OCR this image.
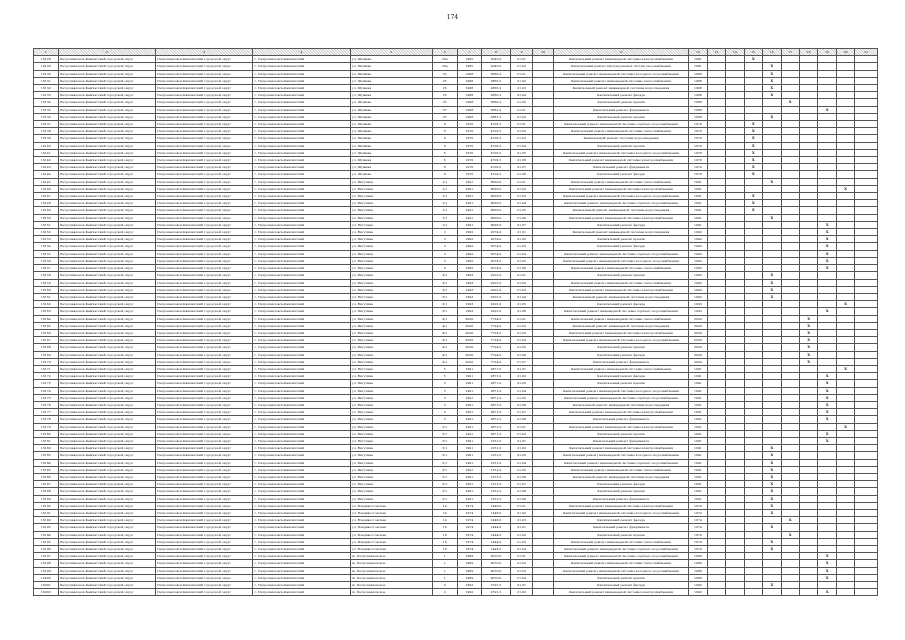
174
1	2	3	4	5	6	7	8	9	10	11	12	13	14	15	16	17	18	19	20	21
16128	Петропавловск-Камчатский городской округ	Петропавловск-Камчатский городской округ	г. Петропавловск-Камчатский	ул. Шумная	23а	1985	2045.0	21.01		Капитальный ремонт инженерной системы электроснабжения	1981			X						
16129	Петропавловск-Камчатский городской округ	Петропавловск-Камчатский городской округ	г. Петропавловск-Камчатский	ул. Шумная	23а	1985	2045.0	21.02		Капитальный ремонт внутридомовых систем газоснабжения	1981				X					
16130	Петропавловск-Камчатский городской округ	Петропавловск-Камчатский городской округ	г. Петропавловск-Камчатский	ул. Шумная	25	1968	2865.2	21.01		Капитальный ремонт инженерной системы холодного водоснабжения	1968				X					
16131	Петропавловск-Камчатский городской округ	Петропавловск-Камчатский городской округ	г. Петропавловск-Камчатский	ул. Шумная	25	1968	2865.2	21.02		Капитальный ремонт инженерной системы теплоснабжения	1968				X					
16132	Петропавловск-Камчатский городской округ	Петропавловск-Камчатский городской округ	г. Петропавловск-Камчатский	ул. Шумная	25	1968	2865.2	21.03		Капитальный ремонт инженерной системы водоотведения	1968				X					
16133	Петропавловск-Камчатский городской округ	Петропавловск-Камчатский городской округ	г. Петропавловск-Камчатский	ул. Шумная	25	1968	2865.2	21.04		Капитальный ремонт фасада	1968				X					
16134	Петропавловск-Камчатский городской округ	Петропавловск-Камчатский городской округ	г. Петропавловск-Камчатский	ул. Шумная	25	1968	2865.2	21.05		Капитальный ремонт крыши	1968					X				
16135	Петропавловск-Камчатский городской округ	Петропавловск-Камчатский городской округ	г. Петропавловск-Камчатский	ул. Шумная	27	1968	2881.2	21.01		Капитальный ремонт фундамента	1968							X		
16136	Петропавловск-Камчатский городской округ	Петропавловск-Камчатский городской округ	г. Петропавловск-Камчатский	ул. Шумная	27	1968	2881.2	21.02		Капитальный ремонт крыши	1968				X					
16137	Петропавловск-Камчатский городской округ	Петропавловск-Камчатский городской округ	г. Петропавловск-Камчатский	ул. Шумная	6	1970	4702.5	21.01		Капитальный ремонт инженерной системы горячего водоснабжения	1970			X						
16138	Петропавловск-Камчатский городской округ	Петропавловск-Камчатский городской округ	г. Петропавловск-Камчатский	ул. Шумная	6	1970	4702.5	21.02		Капитальный ремонт инженерной системы теплоснабжения	1970			X						
16139	Петропавловск-Камчатский городской округ	Петропавловск-Камчатский городской округ	г. Петропавловск-Камчатский	ул. Шумная	6	1970	4702.5	21.03		Капитальный ремонт системы водоотведения	1970			X						
16140	Петропавловск-Камчатский городской округ	Петропавловск-Камчатский городской округ	г. Петропавловск-Камчатский	ул. Шумная	6	1970	4702.5	21.04		Капитальный ремонт крыши	1970			X						
16141	Петропавловск-Камчатский городской округ	Петропавловск-Камчатский городской округ	г. Петропавловск-Камчатский	ул. Шумная	6	1970	4702.5	21.05		Капитальный ремонт инженерной системы холодного водоснабжения	1970			X						
16142	Петропавловск-Камчатский городской округ	Петропавловск-Камчатский городской округ	г. Петропавловск-Камчатский	ул. Шумная	6	1970	4702.5	21.06		Капитальный ремонт инженерной системы электроснабжения	1970			X						
16143	Петропавловск-Камчатский городской округ	Петропавловск-Камчатский городской округ	г. Петропавловск-Камчатский	ул. Шумная	6	1970	4702.5	21.07		Капитальный ремонт фундамента	1970			X						
16144	Петропавловск-Камчатский городской округ	Петропавловск-Камчатский городской округ	г. Петропавловск-Камчатский	ул. Шумная	6	1970	4702.5	21.08		Капитальный ремонт фасада	1970			X						
16145	Петропавловск-Камчатский городской округ	Петропавловск-Камчатский городской округ	г. Петропавловск-Камчатский	ул. Ватутина	1/1	1991	8026.0	21.01		Капитальный ремонт инженерной системы теплоснабжения	1991				X					
16146	Петропавловск-Камчатский городской округ	Петропавловск-Камчатский городской округ	г. Петропавловск-Камчатский	ул. Ватутина	1/1	1991	8026.0	21.02		Капитальный ремонт инженерной системы электроснабжения	1991								X	
16147	Петропавловск-Камчатский городской округ	Петропавловск-Камчатский городской округ	г. Петропавловск-Камчатский	ул. Ватутина	1/1	1991	8026.0	21.03		Капитальный ремонт инженерной системы холодного водоснабжения	1991			X						
16148	Петропавловск-Камчатский городской округ	Петропавловск-Камчатский городской округ	г. Петропавловск-Камчатский	ул. Ватутина	1/1	1991	8026.0	21.04		Капитальный ремонт инженерной системы горячего водоснабжения	1991			X						
16149	Петропавловск-Камчатский городской округ	Петропавловск-Камчатский городской округ	г. Петропавловск-Камчатский	ул. Ватутина	1/1	1991	8026.0	21.05		Капитальный ремонт инженерной системы водоотведения	1991			X						
16150	Петропавловск-Камчатский городской округ	Петропавловск-Камчатский городской округ	г. Петропавловск-Камчатский	ул. Ватутина	1/1	1991	8026.0	21.06		Капитальный ремонт инженерной системы электроснабжения	1991				X					
16151	Петропавловск-Камчатский городской округ	Петропавловск-Камчатский городской округ	г. Петропавловск-Камчатский	ул. Ватутина	1/1	1991	8026.0	21.07		Капитальный ремонт фасада	1991							X		
16152	Петропавловск-Камчатский городской округ	Петропавловск-Камчатский городской округ	г. Петропавловск-Камчатский	ул. Ватутина	3	1992	2074.0	21.01		Капитальный ремонт инженерной системы водоотведения	1992							X		
16153	Петропавловск-Камчатский городской округ	Петропавловск-Камчатский городской округ	г. Петропавловск-Камчатский	ул. Ватутина	3	1992	2074.0	21.02		Капитальный ремонт крыши	1992							X		
16154	Петропавловск-Камчатский городской округ	Петропавловск-Камчатский городской округ	г. Петропавловск-Камчатский	ул. Ватутина	3	1992	2074.0	21.03		Капитальный ремонт фасада	1992							X		
16155	Петропавловск-Камчатский городской округ	Петропавловск-Камчатский городской округ	г. Петропавловск-Камчатский	ул. Ватутина	3	1992	2074.0	21.04		Капитальный ремонт инженерной системы горячего водоснабжения	1992							X		
16156	Петропавловск-Камчатский городской округ	Петропавловск-Камчатский городской округ	г. Петропавловск-Камчатский	ул. Ватутина	3	1992	2074.0	21.05		Капитальный ремонт инженерной системы холодного водоснабжения	1992							X		
16157	Петропавловск-Камчатский городской округ	Петропавловск-Камчатский городской округ	г. Петропавловск-Камчатский	ул. Ватутина	3	1992	2074.0	21.06		Капитальный ремонт инженерной системы теплоснабжения	1992							X		
16158	Петропавловск-Камчатский городской округ	Петропавловск-Камчатский городской округ	г. Петропавловск-Камчатский	ул. Ватутина	3/1	1993	2201.0	21.01		Капитальный ремонт крыши	1993				X					
16159	Петропавловск-Камчатский городской округ	Петропавловск-Камчатский городской округ	г. Петропавловск-Камчатский	ул. Ватутина	3/1	1993	2201.0	21.02		Капитальный ремонт инженерной системы теплоснабжения	1993				X					
16160	Петропавловск-Камчатский городской округ	Петропавловск-Камчатский городской округ	г. Петропавловск-Камчатский	ул. Ватутина	3/1	1993	2201.0	21.03		Капитальный ремонт инженерной системы электроснабжения	1993				X					
16161	Петропавловск-Камчатский городской округ	Петропавловск-Камчатский городской округ	г. Петропавловск-Камчатский	ул. Ватутина	3/1	1993	2201.0	21.04		Капитальный ремонт инженерной системы водоотведения	1993				X					
16162	Петропавловск-Камчатский городской округ	Петропавловск-Камчатский городской округ	г. Петропавловск-Камчатский	ул. Ватутина	3/1	1993	2201.0	21.05		Капитальный ремонт фасада	1993								X	
16163	Петропавловск-Камчатский городской округ	Петропавловск-Камчатский городской округ	г. Петропавловск-Камчатский	ул. Ватутина	3/1	1993	2201.0	21.06		Капитальный ремонт инженерной системы горячего водоснабжения	1993							X		
16164	Петропавловск-Камчатский городской округ	Петропавловск-Камчатский городской округ	г. Петропавловск-Камчатский	ул. Ватутина	4/1	2020	7724.0	21.01		Капитальный ремонт инженерной системы теплоснабжения	2020						X			
16165	Петропавловск-Камчатский городской округ	Петропавловск-Камчатский городской округ	г. Петропавловск-Камчатский	ул. Ватутина	4/1	2020	7724.0	21.02		Капитальный ремонт инженерной системы водоотведения	2020						X			
16166	Петропавловск-Камчатский городской округ	Петропавловск-Камчатский городской округ	г. Петропавловск-Камчатский	ул. Ватутина	4/1	2020	7724.0	21.03		Капитальный ремонт инженерной системы электроснабжения	2020						X			
16167	Петропавловск-Камчатский городской округ	Петропавловск-Камчатский городской округ	г. Петропавловск-Камчатский	ул. Ватутина	4/1	2020	7724.0	21.04		Капитальный ремонт инженерной системы холодного водоснабжения	2020						X			
16168	Петропавловск-Камчатский городской округ	Петропавловск-Камчатский городской округ	г. Петропавловск-Камчатский	ул. Ватутина	4/1	2020	7724.0	21.05		Капитальный ремонт крыши	2020						X			
16169	Петропавловск-Камчатский городской округ	Петропавловск-Камчатский городской округ	г. Петропавловск-Камчатский	ул. Ватутина	4/1	2020	7724.0	21.06		Капитальный ремонт фасада	2020						X			
16170	Петропавловск-Камчатский городской округ	Петропавловск-Камчатский городской округ	г. Петропавловск-Камчатский	ул. Ватутина	4/1	2020	7724.0	21.07		Капитальный ремонт фундамента	2020						X			
16171	Петропавловск-Камчатский городской округ	Петропавловск-Камчатский городской округ	г. Петропавловск-Камчатский	ул. Ватутина	5	1991	2871.0	21.01		Капитальный ремонт инженерной системы теплоснабжения	1991								X	
16172	Петропавловск-Камчатский городской округ	Петропавловск-Камчатский городской округ	г. Петропавловск-Камчатский	ул. Ватутина	5	1991	2871.0	21.02		Капитальный ремонт фасада	1991							X		
16173	Петропавловск-Камчатский городской округ	Петропавловск-Камчатский городской округ	г. Петропавловск-Камчатский	ул. Ватутина	5	1991	2871.0	21.03		Капитальный ремонт крыши	1991							X		
16174	Петропавловск-Камчатский городской округ	Петропавловск-Камчатский городской округ	г. Петропавловск-Камчатский	ул. Ватутина	5	1991	2871.0	21.04		Капитальный ремонт инженерной системы холодного водоснабжения	1991							X		
16175	Петропавловск-Камчатский городской округ	Петропавловск-Камчатский городской округ	г. Петропавловск-Камчатский	ул. Ватутина	5	1991	2871.0	21.05		Капитальный ремонт инженерной системы горячего водоснабжения	1991							X		
16176	Петропавловск-Камчатский городской округ	Петропавловск-Камчатский городской округ	г. Петропавловск-Камчатский	ул. Ватутина	5	1991	2871.0	21.06		Капитальный ремонт инженерной системы водоотведения	1991							X		
16177	Петропавловск-Камчатский городской округ	Петропавловск-Камчатский городской округ	г. Петропавловск-Камчатский	ул. Ватутина	5	1991	2871.0	21.07		Капитальный ремонт инженерной системы электроснабжения	1991							X		
16178	Петропавловск-Камчатский городской округ	Петропавловск-Камчатский городской округ	г. Петропавловск-Камчатский	ул. Ватутина	5	1991	2871.0	21.08		Капитальный ремонт фундамента	1991							X		
16179	Петропавловск-Камчатский городской округ	Петропавловск-Камчатский городской округ	г. Петропавловск-Камчатский	ул. Ватутина	5/1	1991	2871.0	21.01		Капитальный ремонт инженерной системы электроснабжения	1991								X	
16180	Петропавловск-Камчатский городской округ	Петропавловск-Камчатский городской округ	г. Петропавловск-Камчатский	ул. Ватутина	5/1	1991	2871.0	21.02		Капитальный ремонт крыши	1991							X		
16181	Петропавловск-Камчатский городской округ	Петропавловск-Камчатский городской округ	г. Петропавловск-Камчатский	ул. Ватутина	5/1	1991	1251.0	21.01		Капитальный ремонт фундамента	1991							X		
16182	Петропавловск-Камчатский городской округ	Петропавловск-Камчатский городской округ	г. Петропавловск-Камчатский	ул. Ватутина	5/1	1991	1251.0	21.02		Капитальный ремонт инженерной системы электроснабжения	1991				X					
16183	Петропавловск-Камчатский городской округ	Петропавловск-Камчатский городской округ	г. Петропавловск-Камчатский	ул. Ватутина	5/1	1991	1251.0	21.03		Капитальный ремонт инженерной системы холодного водоснабжения	1991				X					
16184	Петропавловск-Камчатский городской округ	Петропавловск-Камчатский городской округ	г. Петропавловск-Камчатский	ул. Ватутина	5/1	1991	1251.0	21.04		Капитальный ремонт инженерной системы горячего водоснабжения	1991				X					
16185	Петропавловск-Камчатский городской округ	Петропавловск-Камчатский городской округ	г. Петропавловск-Камчатский	ул. Ватутина	5/1	1991	1251.0	21.05		Капитальный ремонт инженерной системы теплоснабжения	1991				X					
16186	Петропавловск-Камчатский городской округ	Петропавловск-Камчатский городской округ	г. Петропавловск-Камчатский	ул. Ватутина	5/1	1991	1251.0	21.06		Капитальный ремонт инженерной системы водоотведения	1991				X					
16187	Петропавловск-Камчатский городской округ	Петропавловск-Камчатский городской округ	г. Петропавловск-Камчатский	ул. Ватутина	5/1	1991	1251.0	21.07		Капитальный ремонт фасада	1991				X					
16188	Петропавловск-Камчатский городской округ	Петропавловск-Камчатский городской округ	г. Петропавловск-Камчатский	ул. Ватутина	5/1	1991	1251.0	21.08		Капитальный ремонт крыши	1991				X					
16189	Петропавловск-Камчатский городской округ	Петропавловск-Камчатский городской округ	г. Петропавловск-Камчатский	ул. Ватутина	5/1	1991	1251.0	21.09		Капитальный ремонт фундамента	1991				X					
16190	Петропавловск-Камчатский городской округ	Петропавловск-Камчатский городской округ	г. Петропавловск-Камчатский	ул. Владивостокская	14	1974	1446.0	21.01		Капитальный ремонт инженерной системы электроснабжения	1974				X					
16191	Петропавловск-Камчатский городской округ	Петропавловск-Камчатский городской округ	г. Петропавловск-Камчатский	ул. Владивостокская	14	1974	1446.0	21.02		Капитальный ремонт инженерной системы холодного водоснабжения	1974				X					
16192	Петропавловск-Камчатский городской округ	Петропавловск-Камчатский городской округ	г. Петропавловск-Камчатский	ул. Владивостокская	14	1974	1446.0	21.03		Капитальный ремонт фасада	1974					X				
16193	Петропавловск-Камчатский городской округ	Петропавловск-Камчатский городской округ	г. Петропавловск-Камчатский	ул. Владивостокская	16	1974	1444.0	21.01		Капитальный ремонт фундамента	1974				X					
16194	Петропавловск-Камчатский городской округ	Петропавловск-Камчатский городской округ	г. Петропавловск-Камчатский	ул. Владивостокская	16	1974	1444.0	21.02		Капитальный ремонт крыши	1974					X				
16195	Петропавловск-Камчатский городской округ	Петропавловск-Камчатский городской округ	г. Петропавловск-Камчатский	ул. Владивостокская	16	1974	1444.0	21.03		Капитальный ремонт инженерной системы теплоснабжения	1974				X					
16196	Петропавловск-Камчатский городской округ	Петропавловск-Камчатский городской округ	г. Петропавловск-Камчатский	ул. Владивостокская	16	1974	1444.0	21.04		Капитальный ремонт инженерной системы горячего водоснабжения	1974				X					
16197	Петропавловск-Камчатский городской округ	Петропавловск-Камчатский городской округ	г. Петропавловск-Камчатский	ш. Петропавловское	1	1989	9070.0	21.01		Капитальный ремонт инженерной системы горячего водоснабжения	1989							X		
16198	Петропавловск-Камчатский городской округ	Петропавловск-Камчатский городской округ	г. Петропавловск-Камчатский	ш. Петропавловское	1	1989	9070.0	21.02		Капитальный ремонт инженерной системы теплоснабжения	1989							X		
16199	Петропавловск-Камчатский городской округ	Петропавловск-Камчатский городской округ	г. Петропавловск-Камчатский	ш. Петропавловское	1	1989	9070.0	21.03		Капитальный ремонт инженерной системы холодного водоснабжения	1989							X		
16200	Петропавловск-Камчатский городской округ	Петропавловск-Камчатский городской округ	г. Петропавловск-Камчатский	ш. Петропавловское	1	1989	9070.0	21.04		Капитальный ремонт крыши	1989							X		
16201	Петропавловск-Камчатский городской округ	Петропавловск-Камчатский городской округ	г. Петропавловск-Камчатский	ш. Петропавловское	2	1992	2791.2	21.01		Капитальный ремонт фасада	1992				X					
16202	Петропавловск-Камчатский городской округ	Петропавловск-Камчатский городской округ	г. Петропавловск-Камчатский	ш. Петропавловское	2	1992	2791.2	21.02		Капитальный ремонт инженерной системы электроснабжения	1992							X		
